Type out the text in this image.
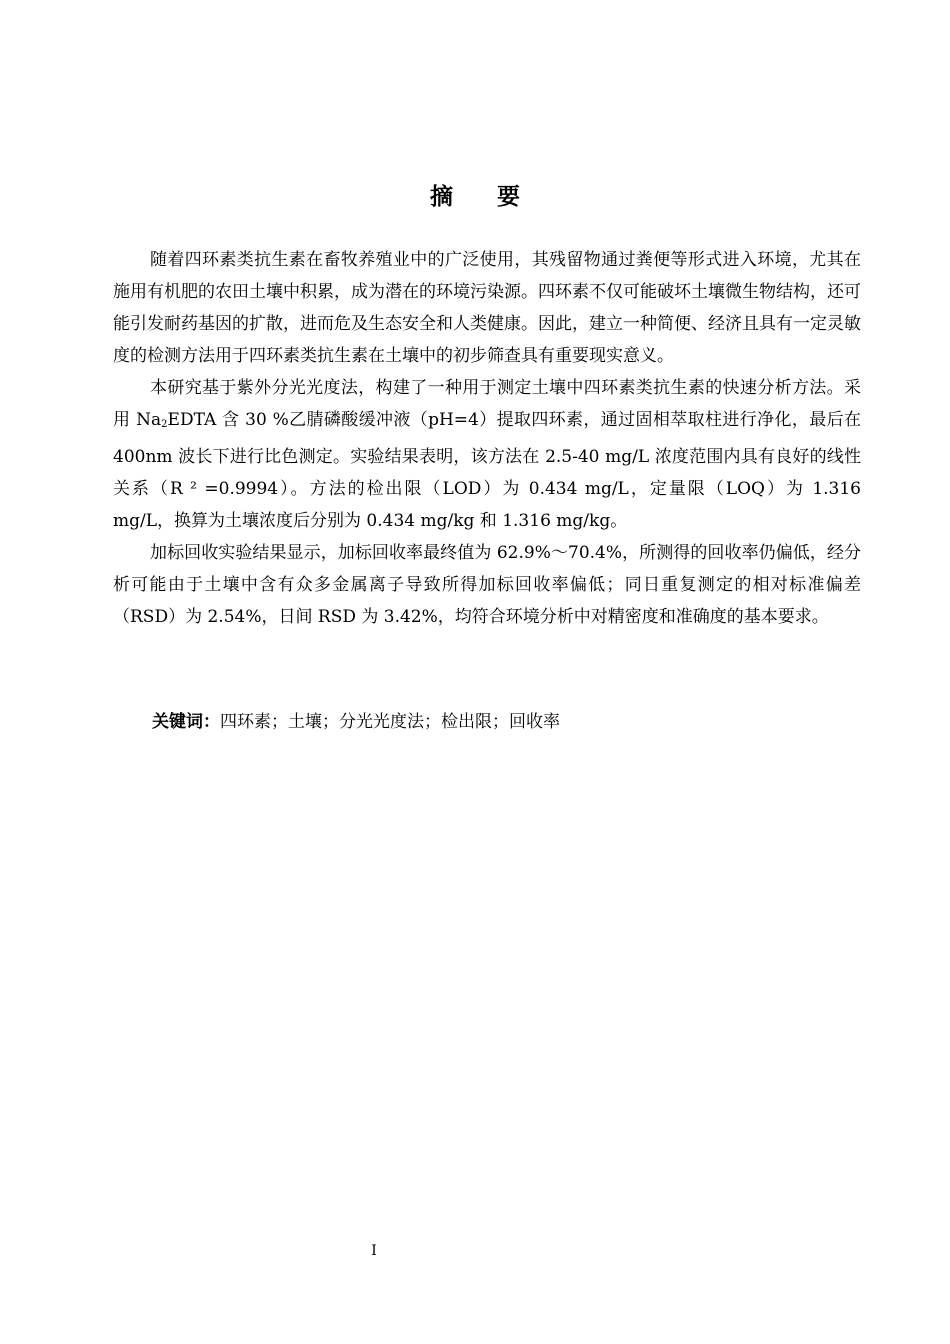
摘 要

随着四环素类抗生素在畜牧养殖业中的广泛使用，其残留物通过粪便等形式进入环境，尤其在施用有机肥的农田土壤中积累，成为潜在的环境污染源。四环素不仅可能破坏土壤微生物结构，还可能引发耐药基因的扩散，进而危及生态安全和人类健康。因此，建立一种简便、经济且具有一定灵敏度的检测方法用于四环素类抗生素在土壤中的初步筛查具有重要现实意义。

本研究基于紫外分光光度法，构建了一种用于测定土壤中四环素类抗生素的快速分析方法。采用 $Na_2EDTA$ 含 30 %乙腈磷酸缓冲液（pH=4）提取四环素，通过固相萃取柱进行净化，最后在 400nm 波长下进行比色测定。实验结果表明，该方法在 2.5-40 mg/L 浓度范围内具有良好的线性关系（R ² =0.9994）。方法的检出限（LOD）为 0.434 mg/L，定量限（LOQ）为 1.316 mg/L，换算为土壤浓度后分别为 0.434 mg/kg 和 1.316 mg/kg。

加标回收实验结果显示，加标回收率最终值为 62.9%～70.4%，所测得的回收率仍偏低，经分析可能由于土壤中含有众多金属离子导致所得加标回收率偏低；同日重复测定的相对标准偏差（RSD）为 2.54%，日间 RSD 为 3.42%，均符合环境分析中对精密度和准确度的基本要求。

关键词：四环素；土壤；分光光度法；检出限；回收率
I
